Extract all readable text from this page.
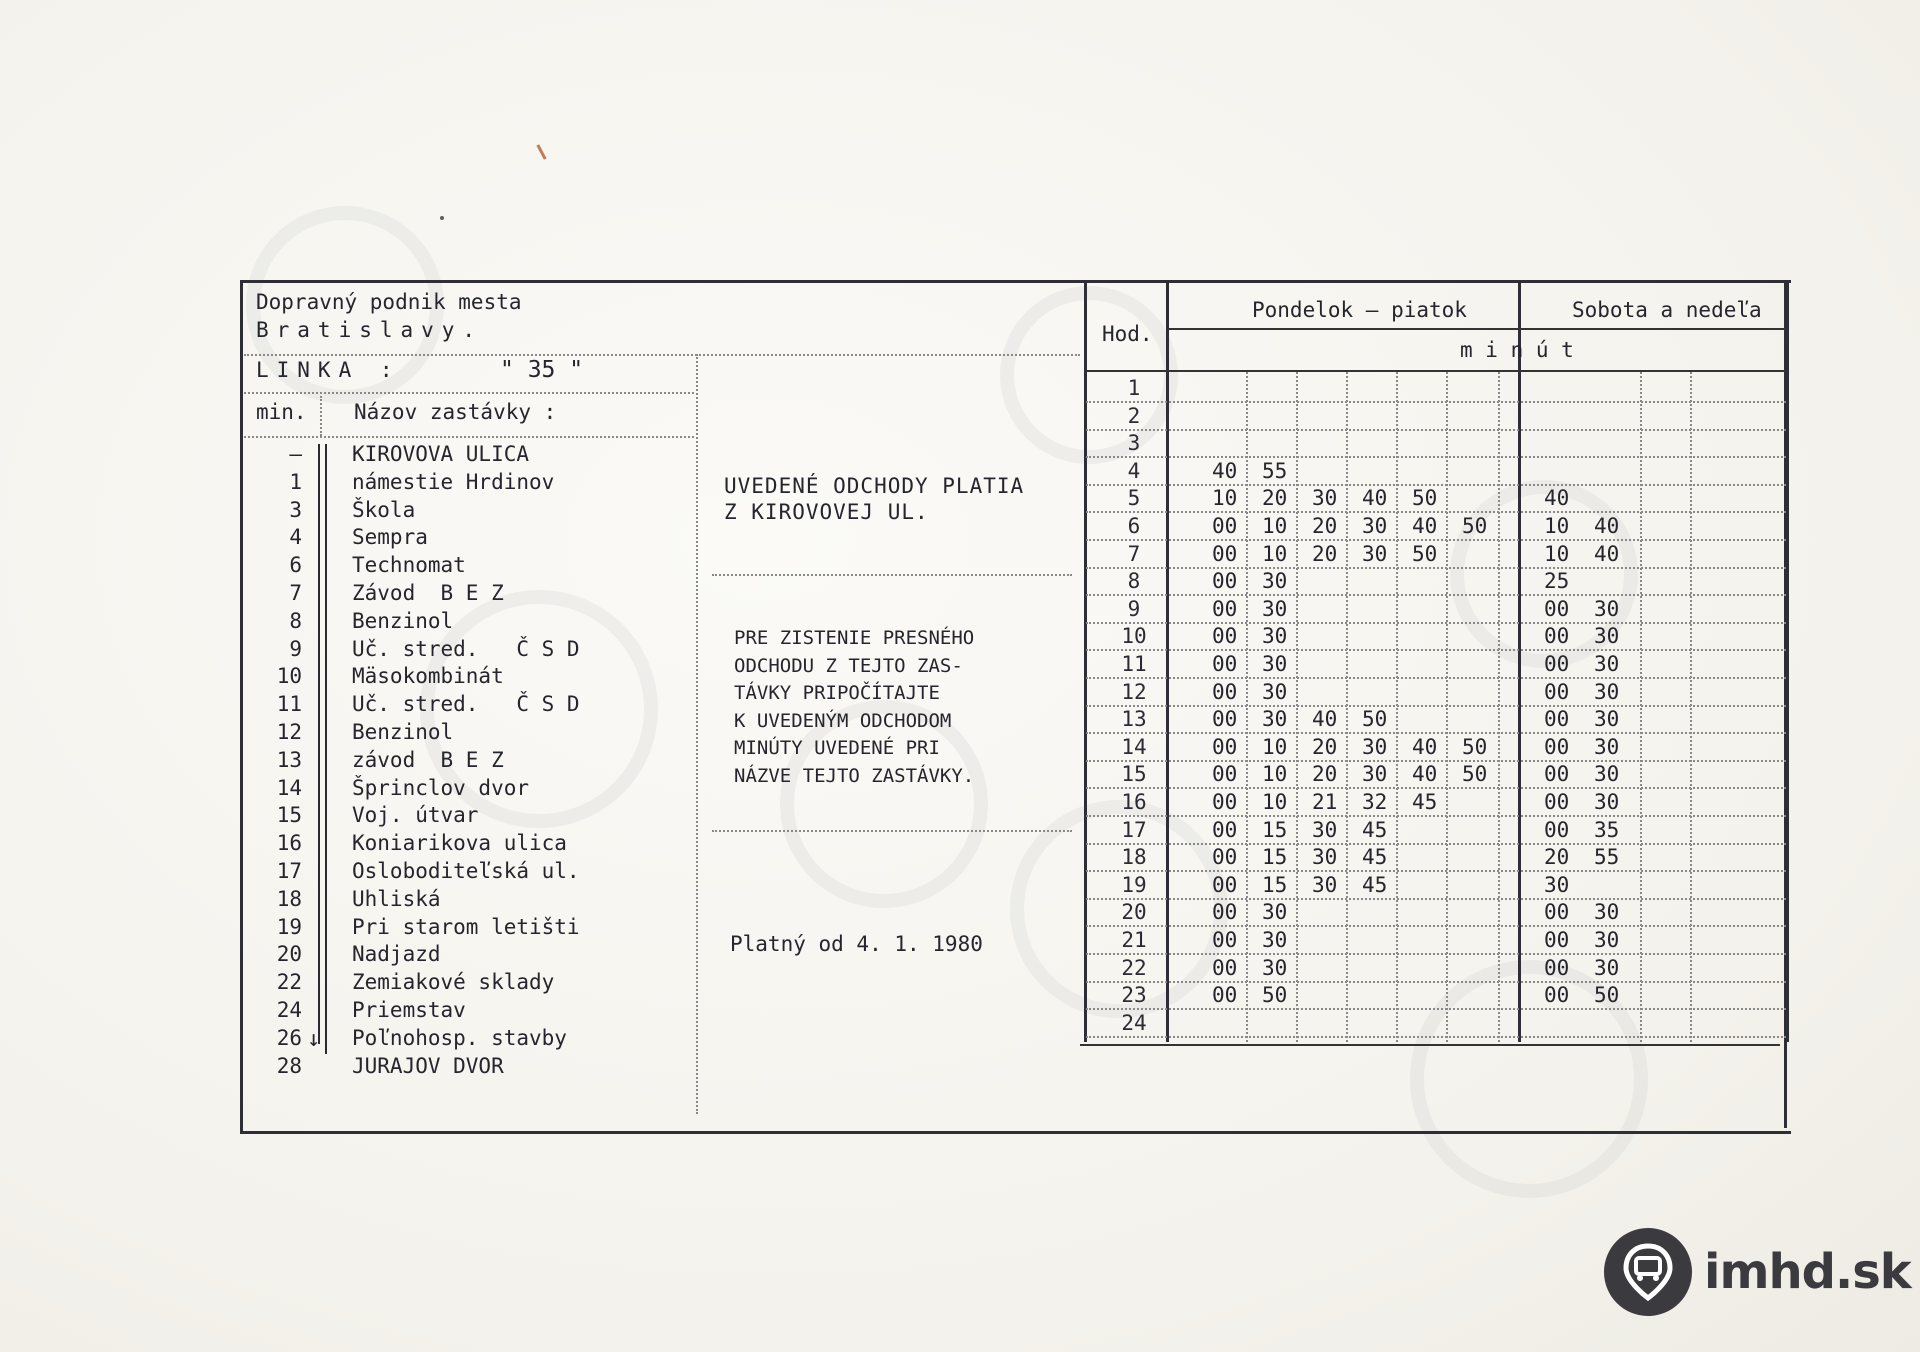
Dopravný podnik mesta
Bratislavy.
LINKA :	" 35 "
min. Názov zastávky :
↓
— KIROVOVA ULICA
1 námestie Hrdinov
3 Škola
4 Sempra
6 Technomat
7 Závod  B E Z
8 Benzinol
9 Uč. stred.   Č S D
10 Mäsokombinát
11 Uč. stred.   Č S D
12 Benzinol
13 závod  B E Z
14 Šprinclov dvor
15 Voj. útvar
16 Koniarikova ulica
17 Osloboditeľská ul.
18 Uhliská
19 Pri starom letišti
20 Nadjazd
22 Zemiakové sklady
24 Priemstav
26 Poľnohosp. stavby
28 JURAJOV DVOR
UVEDENÉ ODCHODY PLATIA
Z KIROVOVEJ UL.
PRE ZISTENIE PRESNÉHO
ODCHODU Z TEJTO ZAS-
TÁVKY PRIPOČÍTAJTE
K UVEDENÝM ODCHODOM
MINÚTY UVEDENÉ PRI
NÁZVE TEJTO ZASTÁVKY.
Platný od 4. 1. 1980
Hod.
Pondelok – piatok	Sobota a nedeľa
m i n ú t
1
2
3
4	40 55
5	10 20 30 40 50	40
6	00 10 20 30 40 50	10 40
7	00 10 20 30 50	10 40
8	00 30	25
9	00 30	00 30
10	00 30	00 30
11	00 30	00 30
12	00 30	00 30
13	00 30 40 50	00 30
14	00 10 20 30 40 50	00 30
15	00 10 20 30 40 50	00 30
16	00 10 21 32 45	00 30
17	00 15 30 45	00 35
18	00 15 30 45	20 55
19	00 15 30 45	30
20	00 30	00 30
21	00 30	00 30
22	00 30	00 30
23	00 50	00 50
24
imhd.sk
